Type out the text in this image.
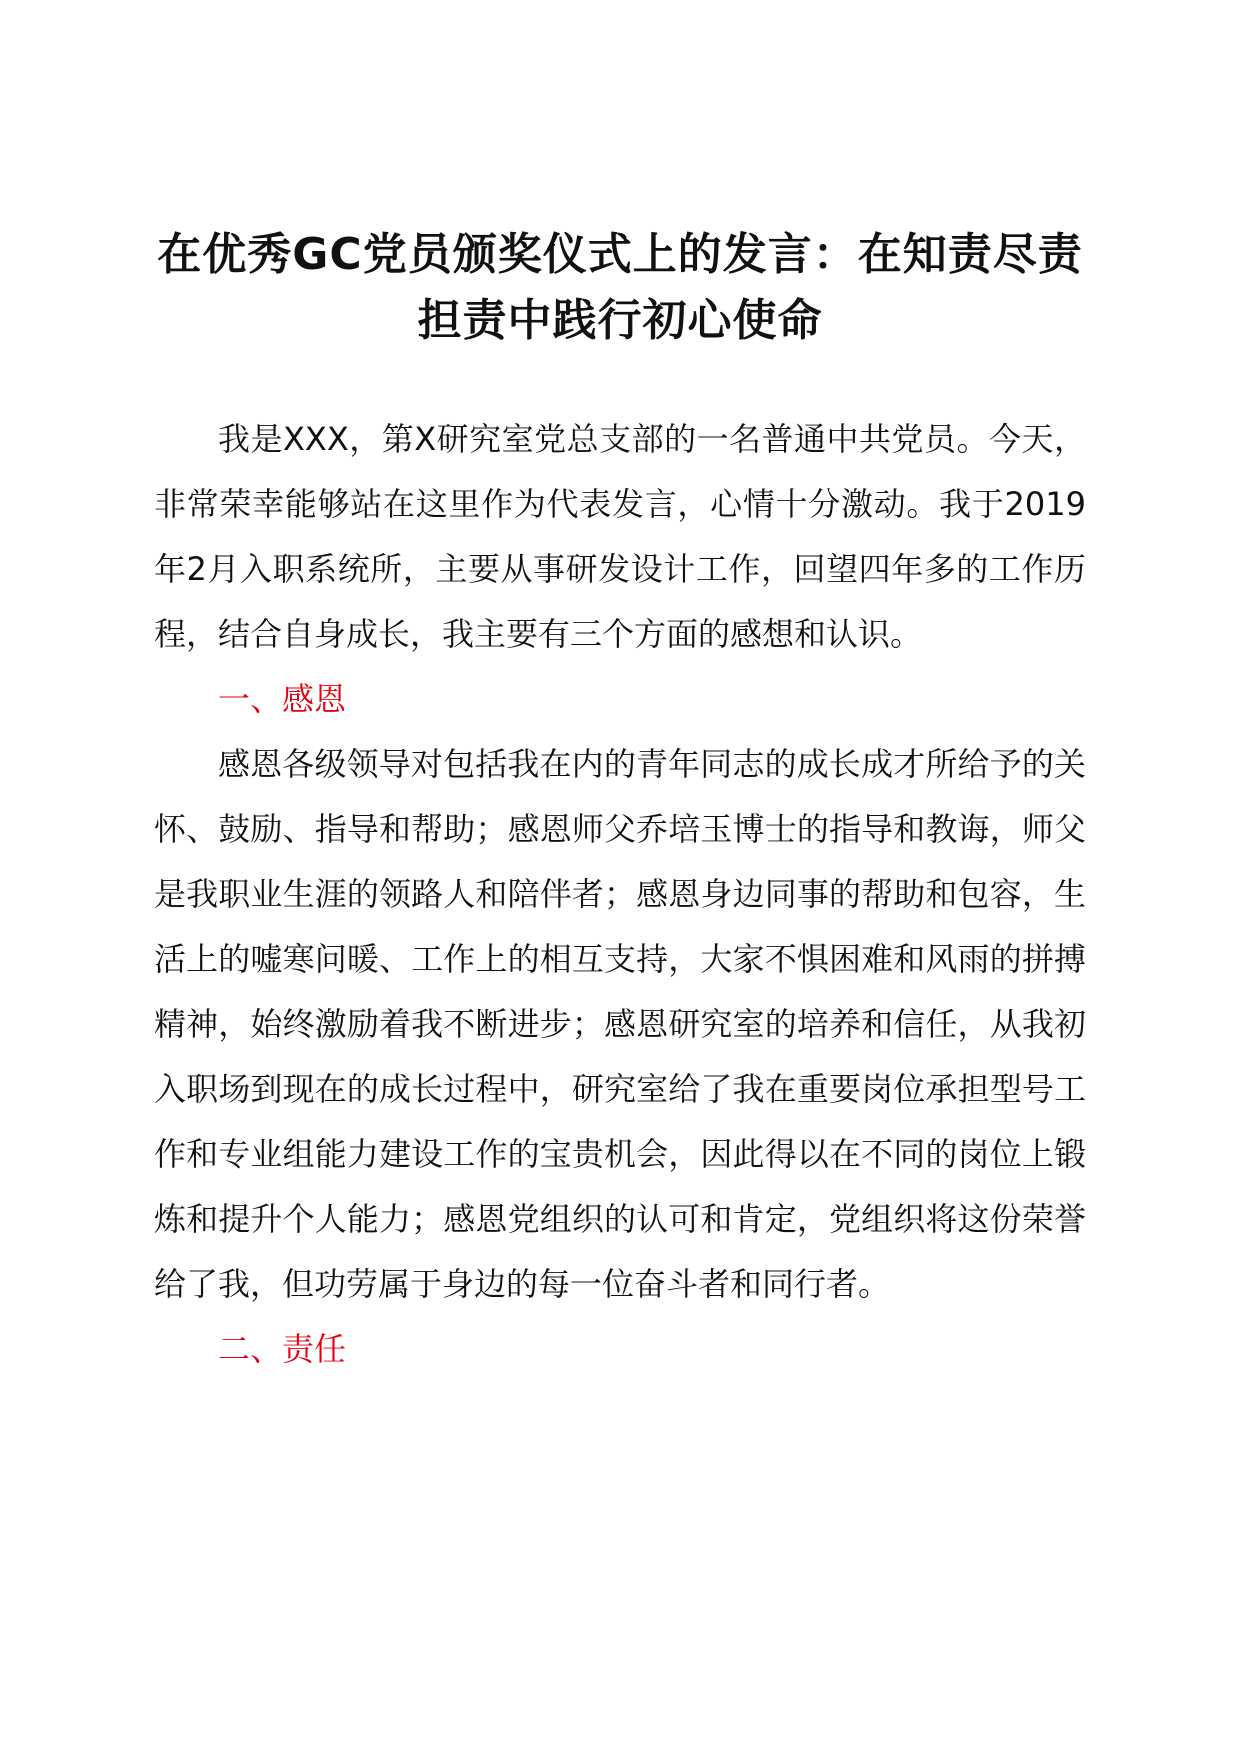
在优秀GC党员颁奖仪式上的发言：在知责尽责担责中践行初心使命

我是XXX，第X研究室党总支部的一名普通中共党员。今天，非常荣幸能够站在这里作为代表发言，心情十分激动。我于2019年2月入职系统所，主要从事研发设计工作，回望四年多的工作历程，结合自身成长，我主要有三个方面的感想和认识。

一、感恩

感恩各级领导对包括我在内的青年同志的成长成才所给予的关怀、鼓励、指导和帮助；感恩师父乔培玉博士的指导和教诲，师父是我职业生涯的领路人和陪伴者；感恩身边同事的帮助和包容，生活上的嘘寒问暖、工作上的相互支持，大家不惧困难和风雨的拼搏精神，始终激励着我不断进步；感恩研究室的培养和信任，从我初入职场到现在的成长过程中，研究室给了我在重要岗位承担型号工作和专业组能力建设工作的宝贵机会，因此得以在不同的岗位上锻炼和提升个人能力；感恩党组织的认可和肯定，党组织将这份荣誉给了我，但功劳属于身边的每一位奋斗者和同行者。

二、责任
